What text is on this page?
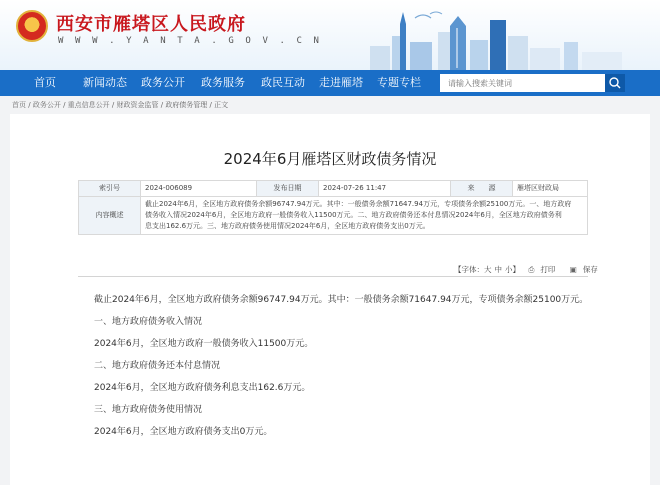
西安市雁塔区人民政府
W W W . Y A N T A . G O V . C N
首页	新闻动态	政务公开	政务服务	政民互动	走进雁塔	专题专栏
请输入搜索关键词
首页 / 政务公开 / 重点信息公开 / 财政资金监管 / 政府债务管理 / 正文
2024年6月雁塔区财政债务情况
索引号	2024-006089	发布日期	2024-07-26 11:47	来　　源	雁塔区财政局
内容概述	截止2024年6月，全区地方政府债务余额96747.94万元。其中：一般债务余额71647.94万元，专项债务余额25100万元。一、地方政府
债务收入情况2024年6月，全区地方政府一般债务收入11500万元。二、地方政府债务还本付息情况2024年6月，全区地方政府债务利
息支出162.6万元。三、地方政府债务使用情况2024年6月，全区地方政府债务支出0万元。				
【字体：大 中 小】 ⎙ 打印 ▣ 保存
截止2024年6月，全区地方政府债务余额96747.94万元。其中：一般债务余额71647.94万元，专项债务余额25100万元。
一、地方政府债务收入情况
2024年6月，全区地方政府一般债务收入11500万元。
二、地方政府债务还本付息情况
2024年6月，全区地方政府债务利息支出162.6万元。
三、地方政府债务使用情况
2024年6月，全区地方政府债务支出0万元。
